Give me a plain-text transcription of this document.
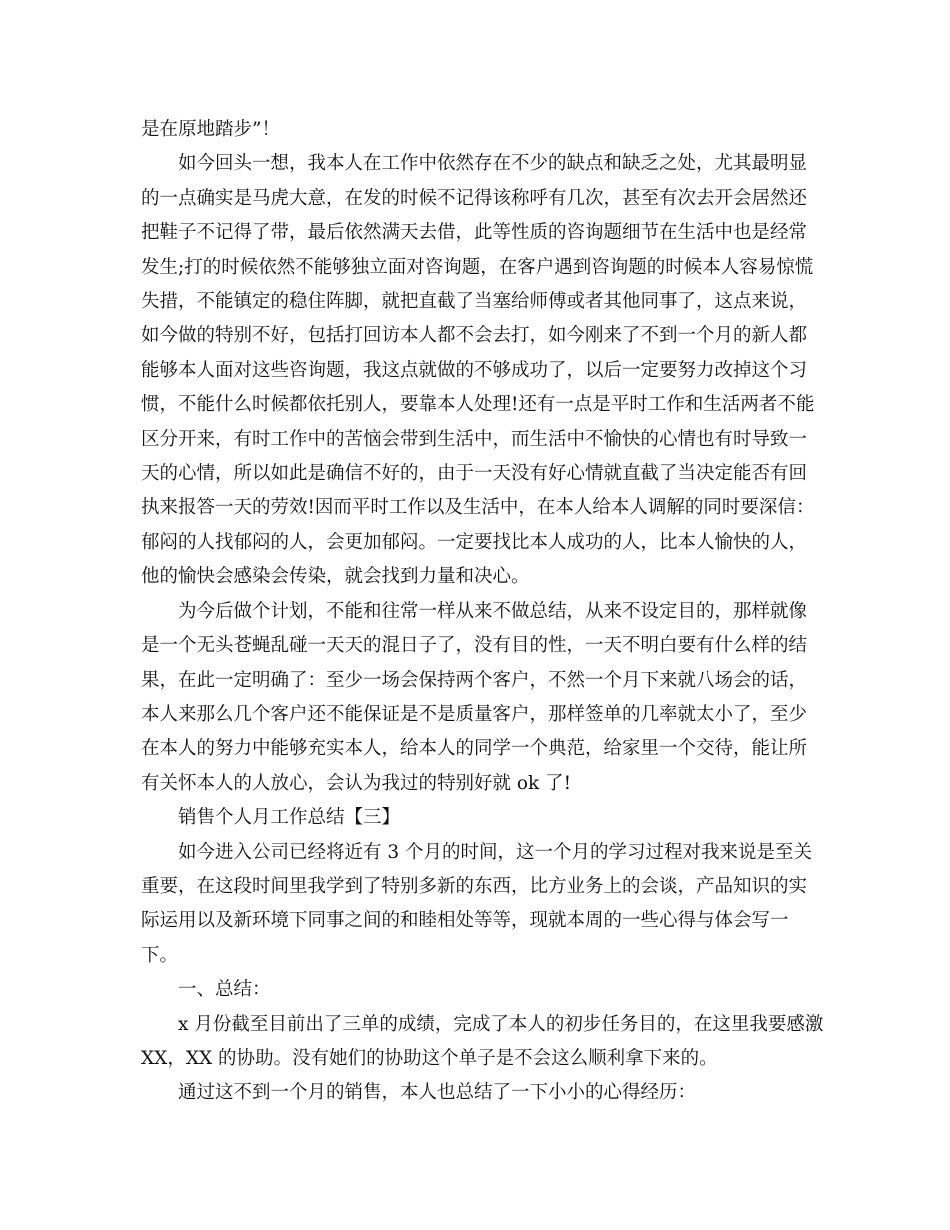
是在原地踏步”！

如今回头一想，我本人在工作中依然存在不少的缺点和缺乏之处，尤其最明显的一点确实是马虎大意，在发的时候不记得该称呼有几次，甚至有次去开会居然还把鞋子不记得了带，最后依然满天去借，此等性质的咨询题细节在生活中也是经常发生;打的时候依然不能够独立面对咨询题，在客户遇到咨询题的时候本人容易惊慌失措，不能镇定的稳住阵脚，就把直截了当塞给师傅或者其他同事了，这点来说，如今做的特别不好，包括打回访本人都不会去打，如今刚来了不到一个月的新人都能够本人面对这些咨询题，我这点就做的不够成功了，以后一定要努力改掉这个习惯，不能什么时候都依托别人，要靠本人处理!还有一点是平时工作和生活两者不能区分开来，有时工作中的苦恼会带到生活中，而生活中不愉快的心情也有时导致一天的心情，所以如此是确信不好的，由于一天没有好心情就直截了当决定能否有回执来报答一天的劳效!因而平时工作以及生活中，在本人给本人调解的同时要深信：郁闷的人找郁闷的人，会更加郁闷。一定要找比本人成功的人，比本人愉快的人，他的愉快会感染会传染，就会找到力量和决心。

为今后做个计划，不能和往常一样从来不做总结，从来不设定目的，那样就像是一个无头苍蝇乱碰一天天的混日子了，没有目的性，一天不明白要有什么样的结果，在此一定明确了：至少一场会保持两个客户，不然一个月下来就八场会的话，本人来那么几个客户还不能保证是不是质量客户，那样签单的几率就太小了，至少在本人的努力中能够充实本人，给本人的同学一个典范，给家里一个交待，能让所有关怀本人的人放心，会认为我过的特别好就 ok 了!

销售个人月工作总结【三】

如今进入公司已经将近有 3 个月的时间，这一个月的学习过程对我来说是至关重要，在这段时间里我学到了特别多新的东西，比方业务上的会谈，产品知识的实际运用以及新环境下同事之间的和睦相处等等，现就本周的一些心得与体会写一下。

一、总结：

x 月份截至目前出了三单的成绩，完成了本人的初步任务目的，在这里我要感激 XX，XX 的协助。没有她们的协助这个单子是不会这么顺利拿下来的。

通过这不到一个月的销售，本人也总结了一下小小的心得经历：
